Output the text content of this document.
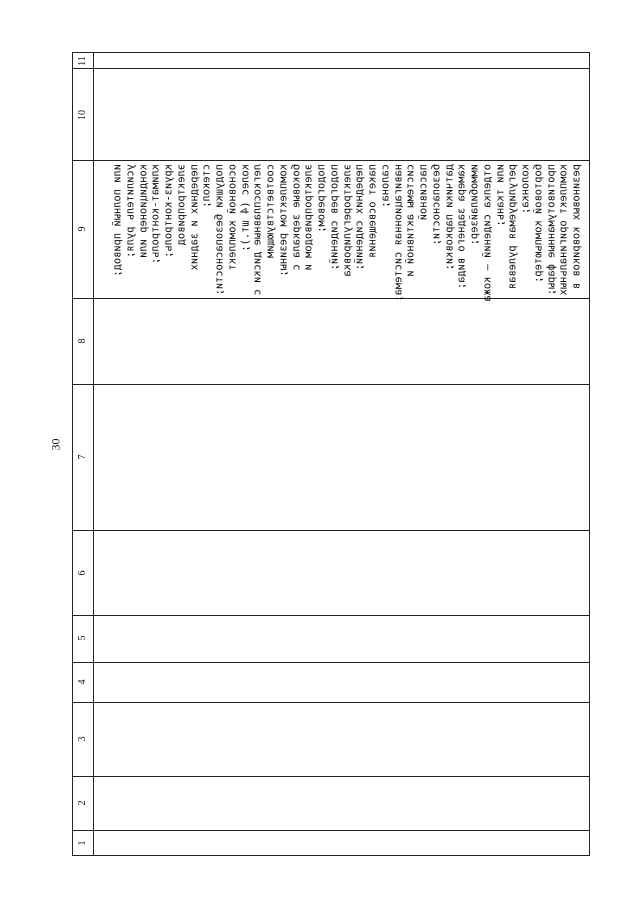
30
11
10
9
8
7
6
5
4
3
2
1
или полный привод;
усилитель руля;
кондиционер или
климат-контроль;
круиз-контроль;
электропривод
передних и задних
стекол;
подушки безопасности;
основной комплект
колес (4 шт.);
легкосплавные диски с
соответствующим
комплектом резины;
боковые зеркала с
электроприводом и
подогревом;
подогрев сидений;
электрорегулировка
передних сидений;
пакет освещения
салона;
навигационная система;
системы активной и
пассивной
безопасности;
датчики парковки;
камера заднего вида;
иммобилайзер;
отделка сидений – кожа
или ткань;
регулируемая рулевая
колонка;
бортовой компьютер;
противотуманные фары;
комплект оригинальных
резиновых ковриков в
